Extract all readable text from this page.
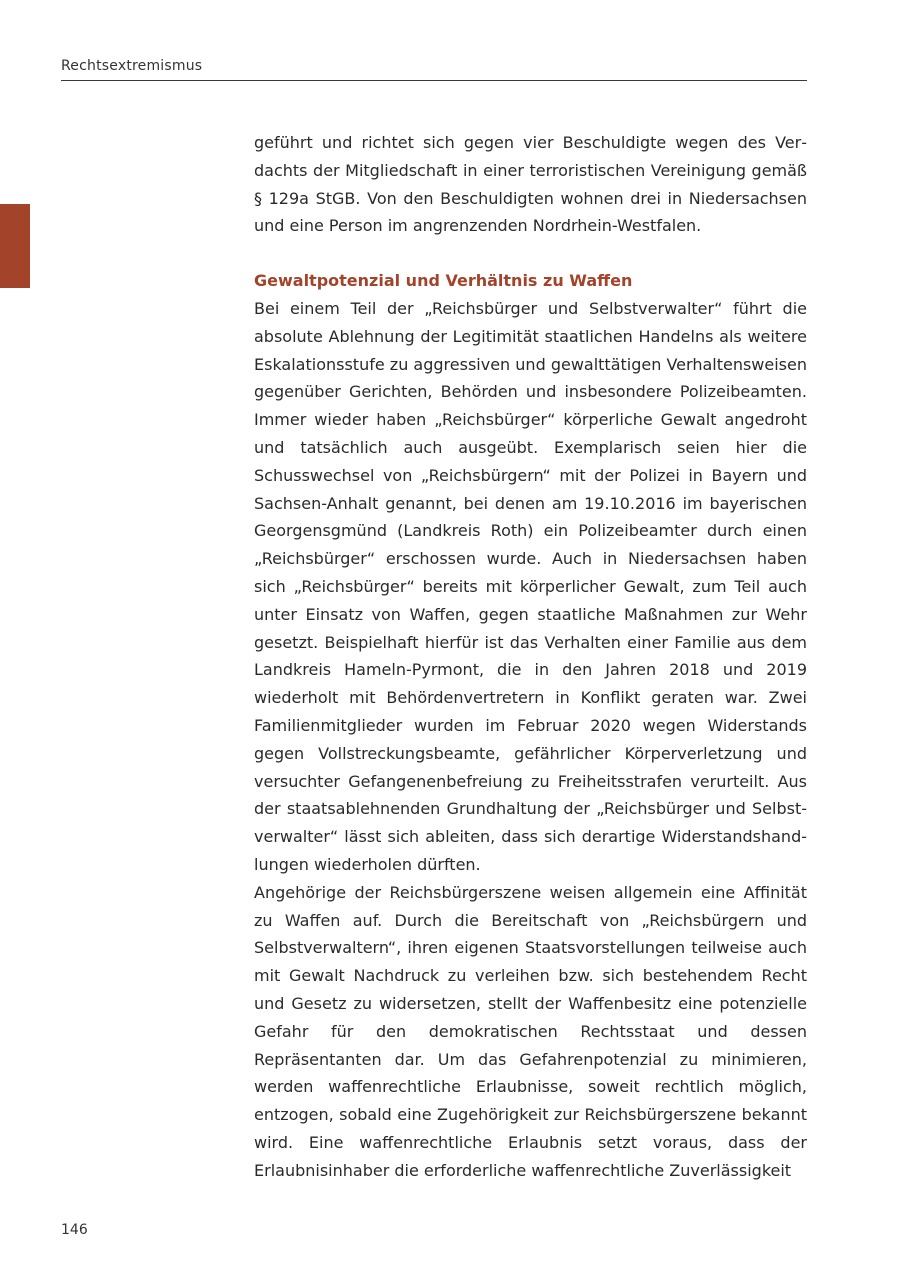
Rechtsextremismus

geführt und richtet sich gegen vier Beschuldigte wegen des Verdachts der Mitgliedschaft in einer terroristischen Vereinigung gemäß § 129a StGB. Von den Beschuldigten wohnen drei in Niedersachsen und eine Person im angrenzenden Nordrhein-Westfalen.

Gewaltpotenzial und Verhältnis zu Waffen

Bei einem Teil der „Reichsbürger und Selbstverwalter“ führt die absolute Ablehnung der Legitimität staatlichen Handelns als weitere Eskalationsstufe zu aggressiven und gewalttätigen Verhaltensweisen gegenüber Gerichten, Behörden und insbesondere Polizeibeamten. Immer wieder haben „Reichsbürger“ körperliche Gewalt angedroht und tatsächlich auch ausgeübt. Exemplarisch seien hier die Schusswechsel von „Reichsbürgern“ mit der Polizei in Bayern und Sachsen-Anhalt genannt, bei denen am 19.10.2016 im bayerischen Georgensgmünd (Landkreis Roth) ein Polizeibeamter durch einen „Reichsbürger“ erschossen wurde. Auch in Niedersachsen haben sich „Reichsbürger“ bereits mit körperlicher Gewalt, zum Teil auch unter Einsatz von Waffen, gegen staatliche Maßnahmen zur Wehr gesetzt. Beispielhaft hierfür ist das Verhalten einer Familie aus dem Landkreis Hameln-Pyrmont, die in den Jahren 2018 und 2019 wiederholt mit Behördenvertretern in Konflikt geraten war. Zwei Familienmitglieder wurden im Februar 2020 wegen Widerstands gegen Vollstreckungsbeamte, gefährlicher Körperverletzung und versuchter Gefangenenbefreiung zu Freiheitsstrafen verurteilt. Aus der staatsablehnenden Grundhaltung der „Reichsbürger und Selbstverwalter“ lässt sich ableiten, dass sich derartige Widerstandshandlungen wiederholen dürften.

Angehörige der Reichsbürgerszene weisen allgemein eine Affinität zu Waffen auf. Durch die Bereitschaft von „Reichsbürgern und Selbstverwaltern“, ihren eigenen Staatsvorstellungen teilweise auch mit Gewalt Nachdruck zu verleihen bzw. sich bestehendem Recht und Gesetz zu widersetzen, stellt der Waffenbesitz eine potenzielle Gefahr für den demokratischen Rechtsstaat und dessen Repräsentanten dar. Um das Gefahrenpotenzial zu minimieren, werden waffenrechtliche Erlaubnisse, soweit rechtlich möglich, entzogen, sobald eine Zugehörigkeit zur Reichsbürgerszene bekannt wird. Eine waffenrechtliche Erlaubnis setzt voraus, dass der Erlaubnisinhaber die erforderliche waffenrechtliche Zuverlässigkeit

146
